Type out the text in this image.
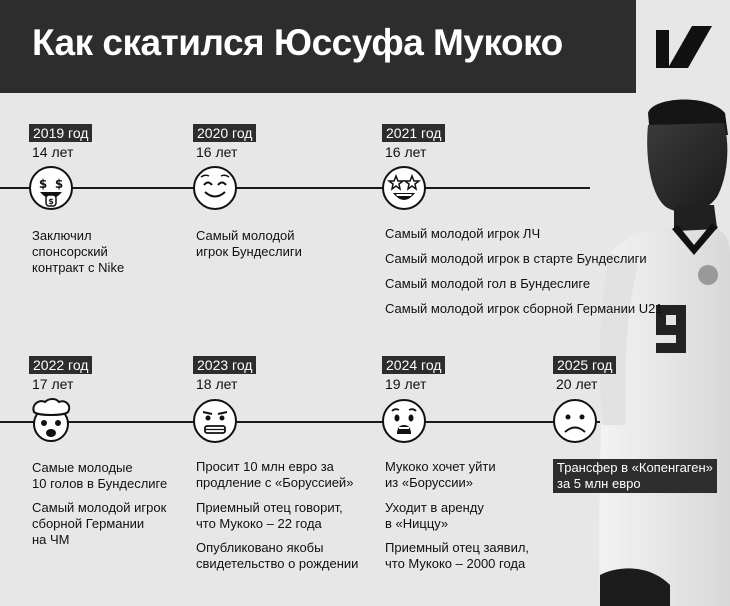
Как скатился Юссуфа Мукоко
2019 год
14 лет
$ $
$
Заключил
спонсорский
контракт с Nike
2020 год
16 лет
Самый молодой
игрок Бундеслиги
2021 год
16 лет
Самый молодой игрок ЛЧ
Самый молодой игрок в старте Бундеслиги
Самый молодой гол в Бундеслиге
Самый молодой игрок сборной Германии U21
2022 год
17 лет
Самые молодые
10 голов в Бундеслиге
Самый молодой игрок
сборной Германии
на ЧМ
2023 год
18 лет
Просит 10 млн евро за
продление с «Боруссией»
Приемный отец говорит,
что Мукоко – 22 года
Опубликовано якобы
свидетельство о рождении
2024 год
19 лет
Мукоко хочет уйти
из «Боруссии»
Уходит в аренду
в «Ниццу»
Приемный отец заявил,
что Мукоко – 2000 года
2025 год
20 лет
Трансфер в «Копенгаген»
за 5 млн евро
